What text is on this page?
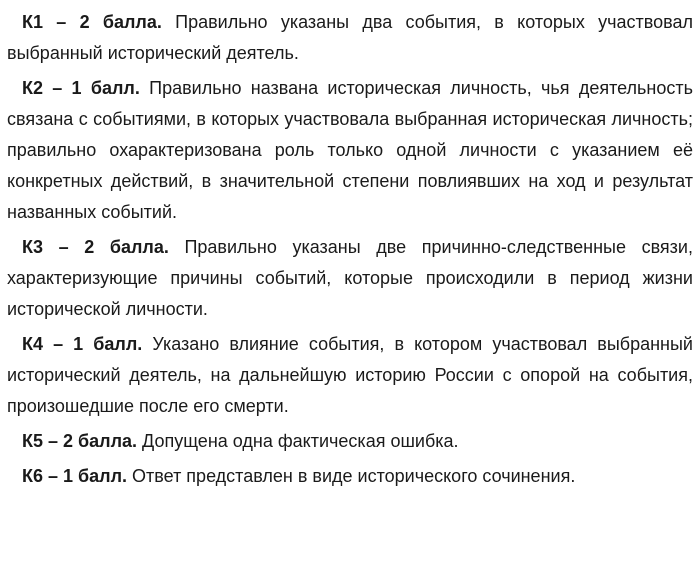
К1 – 2 балла. Правильно указаны два события, в которых участвовал выбранный исторический деятель.

К2 – 1 балл. Правильно названа историческая личность, чья деятельность связана с событиями, в которых участвовала выбранная историческая личность; правильно охарактеризована роль только одной личности с указанием её конкретных действий, в значительной степени повлиявших на ход и результат названных событий.

К3 – 2 балла. Правильно указаны две причинно-следственные связи, характеризующие причины событий, которые происходили в период жизни исторической личности.

К4 – 1 балл. Указано влияние события, в котором участвовал выбранный исторический деятель, на дальнейшую историю России с опорой на события, произошедшие после его смерти.

К5 – 2 балла. Допущена одна фактическая ошибка.

К6 – 1 балл. Ответ представлен в виде исторического сочинения.
